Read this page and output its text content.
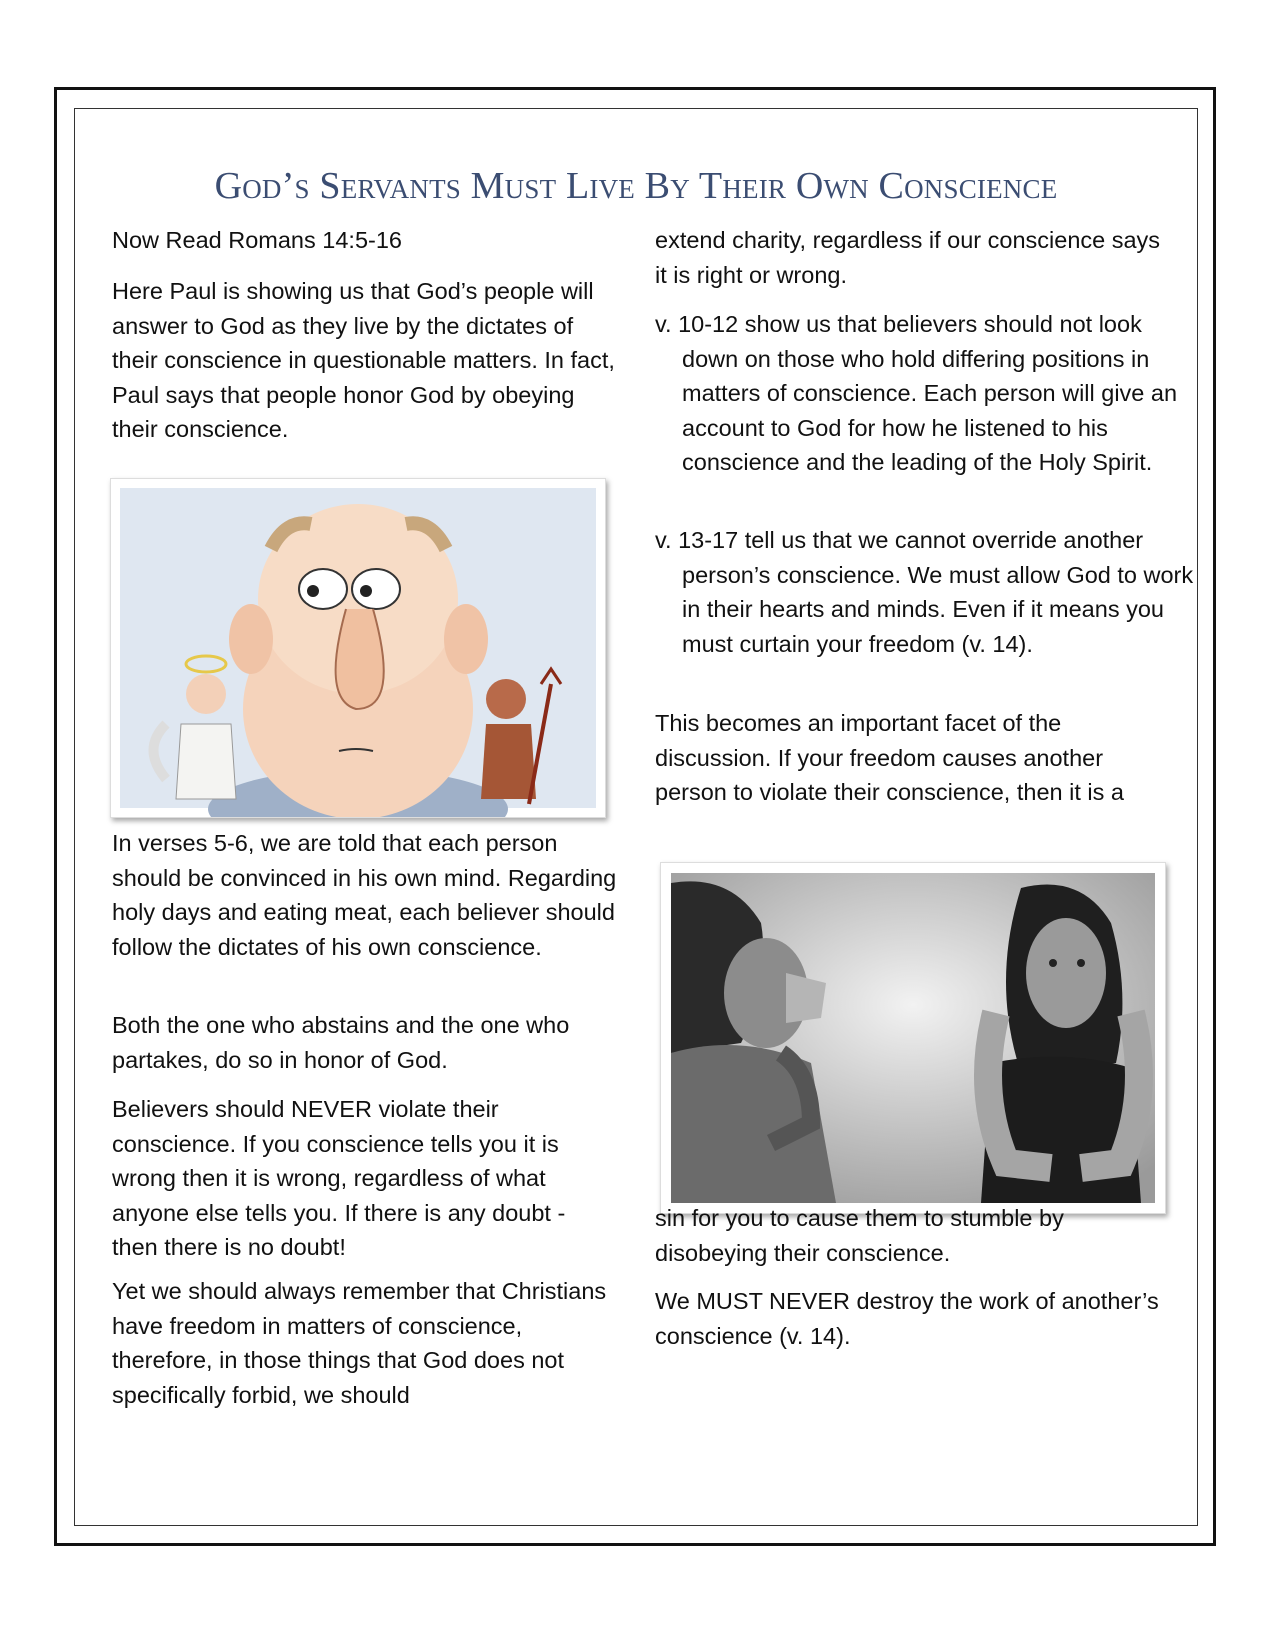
God’s Servants Must Live By Their Own Conscience

Now Read Romans 14:5-16

Here Paul is showing us that God’s people will answer to God as they live by the dictates of their conscience in questionable matters. In fact, Paul says that people honor God by obeying their conscience.

In verses 5-6, we are told that each person should be convinced in his own mind. Regarding holy days and eating meat, each believer should follow the dictates of his own conscience.

Both the one who abstains and the one who partakes, do so in honor of God.

Believers should NEVER violate their conscience. If you conscience tells you it is wrong then it is wrong, regardless of what anyone else tells you. If there is any doubt - then there is no doubt!

Yet we should always remember that Christians have freedom in matters of conscience, therefore, in those things that God does not specifically forbid, we should

extend charity, regardless if our conscience says it is right or wrong.

v. 10-12 show us that believers should not look down on those who hold differing positions in matters of conscience. Each person will give an account to God for how he listened to his conscience and the leading of the Holy Spirit.

v. 13-17 tell us that we cannot override another person’s conscience. We must allow God to work in their hearts and minds. Even if it means you must curtain your freedom (v. 14).

This becomes an important facet of the discussion. If your freedom causes another person to violate their conscience, then it is a

sin for you to cause them to stumble by disobeying their conscience.

We MUST NEVER destroy the work of another’s conscience (v. 14).
